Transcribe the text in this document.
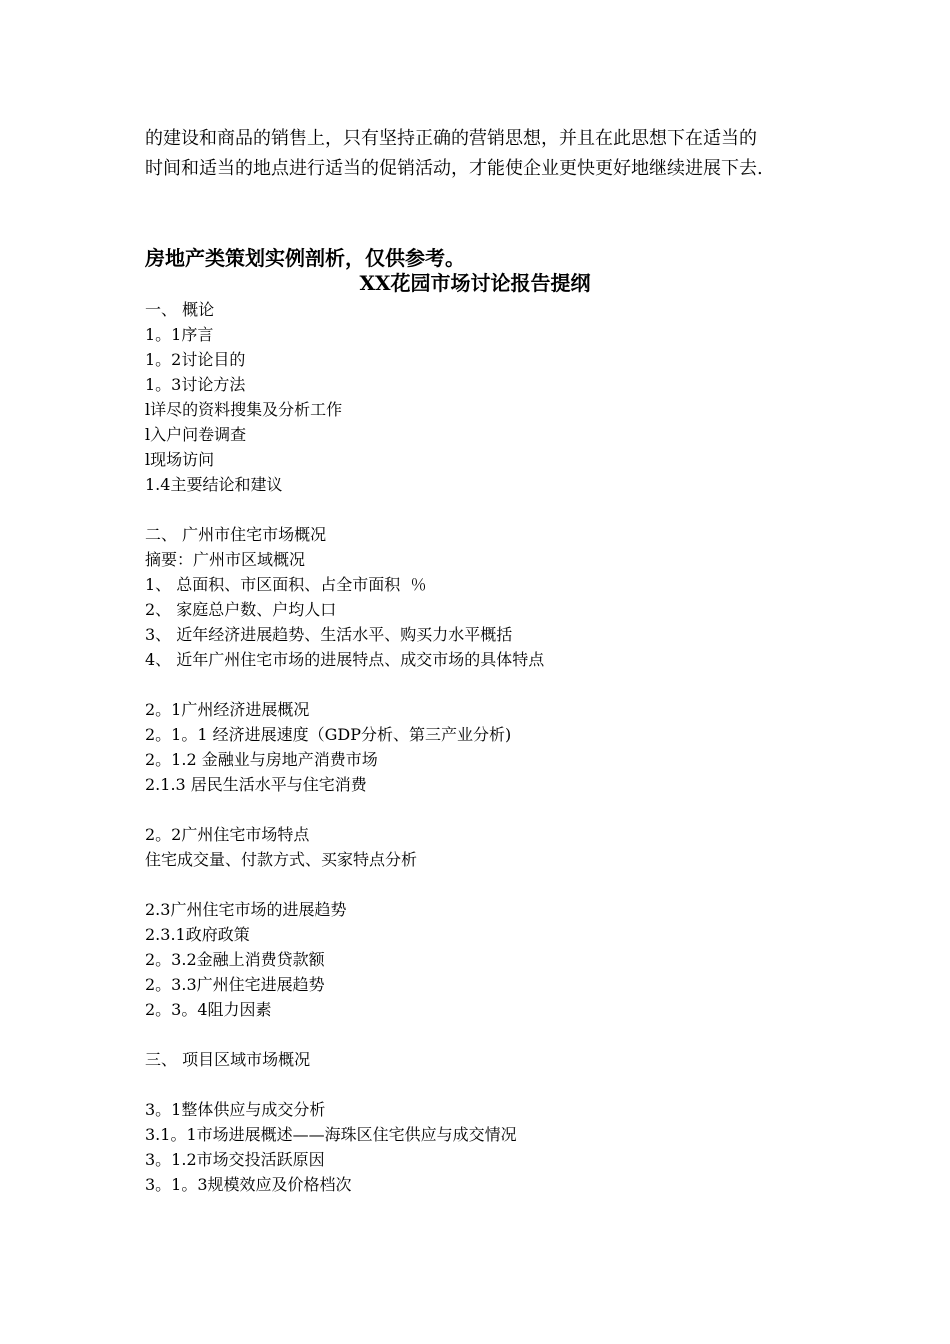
的建设和商品的销售上，只有坚持正确的营销思想，并且在此思想下在适当的

时间和适当的地点进行适当的促销活动，才能使企业更快更好地继续进展下去.

房地产类策划实例剖析，仅供参考。
XX花园市场讨论报告提纲
一、 概论
1。1序言
1。2讨论目的
1。3讨论方法
l详尽的资料搜集及分析工作
l入户问卷调查
l现场访问
1.4主要结论和建议
二、 广州市住宅市场概况
摘要：广州市区域概况
1、 总面积、市区面积、占全市面积  ％
2、 家庭总户数、户均人口
3、 近年经济进展趋势、生活水平、购买力水平概括
4、 近年广州住宅市场的进展特点、成交市场的具体特点
2。1广州经济进展概况
2。1。1 经济进展速度（GDP分析、第三产业分析)
2。1.2 金融业与房地产消费市场
2.1.3 居民生活水平与住宅消费
2。2广州住宅市场特点
住宅成交量、付款方式、买家特点分析
2.3广州住宅市场的进展趋势
2.3.1政府政策
2。3.2金融上消费贷款额
2。3.3广州住宅进展趋势
2。3。4阻力因素
三、 项目区域市场概况
3。1整体供应与成交分析
3.1。1市场进展概述——海珠区住宅供应与成交情况
3。1.2市场交投活跃原因
3。1。3规模效应及价格档次
